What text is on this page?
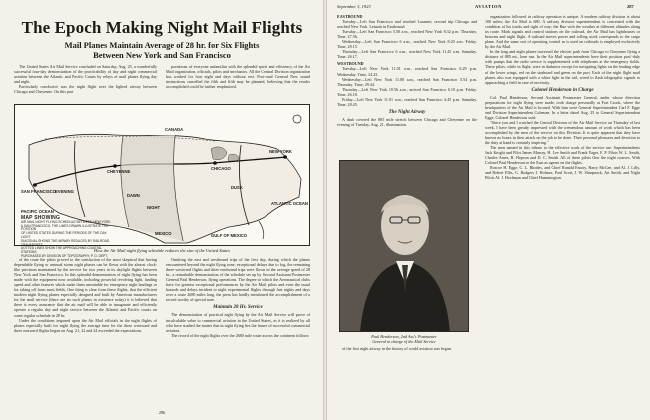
The Epoch Making Night Mail Flights
Mail Planes Maintain Average of 28 hr. for Six Flights
Between New York and San Francisco

The United States Air Mail Service concluded on Saturday, Aug. 25, a wonderfully successful four-day demonstration of the practicability of day and night commercial aviation between the Atlantic and Pacific Coasts by relays of mail planes flying day and night.

Particularly conclusive was the night flight over the lighted airway between Chicago and Cheyenne. On this part

portations of everyone unfamiliar with the splendid spirit and efficiency of the Air Mail organization, officials, pilots and mechanics. All the Central Division organization has worked for four night and days without rest. Post-onal General New sound instructions cancelled the fifth and fifth may be planned, believing that the results accomplished could be further emphasized.

CANADA
NEW YORK
CHICAGO
CHEYENNE
SAN FRANCISCO EVENING
DAWN
NIGHT
DUSK
MEXICO	GULF OF MEXICO
ATLANTIC OCEAN
PACIFIC OCEAN
MAP SHOWING
AIR MAIL NIGHT FLYING SCHEDULE BETWEEN NEW YORK
& SAN FRANCISCO. THE LINES DRAWN ILLUSTRATE THE POSITION
OF UNITED STATES DURING THE PERIODS OF THE DAY-LIGHT
DIAGONAL SHOWS THE AIRWAY REDUCED BY RAILROAD TRANSPORTS
DOTTED LINES SHOW THE APPROACHING COASTAL STATIONS
PURCHASED BY DIVISION OF TOPOGRAPHY, P. O. DEPT.
How the Air Mail night flying schedule reduces the size of the United States

of the route the pilots proved to the satisfaction of the most skeptical that having dependable flying or unusual storm night phases can be flown with the almost clock-like precision maintained by the service for two years in its daylight flights between New York and San Francisco. In this splendid demonstration of night flying has been made with the equipment now available, including powerful revolving light, landing speed and other features which make them unsuitable for emergency night landings or for taking off from most fields. One thing is clear from these flights, that the efficient modern night flying planes especially designed and built by American manufacturers for the mail service (there are no such planes in existence today) it is believed that there is every assurance that the air mail will be able to inaugurate and efficiently operate a regular day and night service between the Atlantic and Pacific coasts on some regular schedule in 28 hr.

Under the conditions imposed upon the Air Mail officials in the night flights of planes especially built for night flying the average time for the three westward and three eastward flights began on Aug. 21, 22 and 24 exceeded the expectations.

Omitting the east and westbound trips of the first day, during which the planes encountered beyond the night flying zone, exceptional delays due to fog, the remaining three westward flights and three eastbound trips were flown in the average speed of 28 hr., a remarkable demonstration of the schedule set up by Second Assistant Postmaster General Paul Henderson, flying operations. The degree to which the Aeronautical clubs have for greatest exceptional performances by the Air Mail pilots and even the usual hazards and delays incident to night experimental flights through fast nights and days over a route 2680 miles long, the press has hardly mentioned the accomplishment of a record worthy of special note.

Maintain 28 Hr. Service

The demonstration of practical night flying by the Air Mail Service will prove of incalculable value to commercial aviation in the United States, as it is realized by all who have studied the matter that in night flying lies the future of successful commercial aviation.

The record of the night flights over the 2680 mile route across the continent follows:

286
September 3, 1923	AVIATION	287
EASTBOUND

Tuesday—Left San Francisco and reached Laramie; second trip Chicago and reached New York. Lemain in Eastbound.

Tuesday—Left San Francisco 5.50 a.m., reached New York 8.32 p.m. Thursday. Time, 27.56.

Wednesday—Left San Francisco 6 a.m., reached New York 8.20 a.m. Friday. Time, 28.15.

Thursday—Left San Francisco 6 a.m., reached New York 11.45 a.m. Saturday. Time, 26.17.

WESTBOUND

Tuesday—Left New York 11.01 a.m., reached San Francisco 6.29 p.m. Wednesday. Time, 34.23.

Wednesday—Left New York 11.00 a.m., reached San Francisco 5.54 p.m. Thursday. Time, 29.44.

Thursday—Left New York 10.56 a.m., arrived San Francisco 6.10 p.m. Friday. Time, 26.18.

Friday—Left New York 11.01 a.m., reached San Francisco 4.45 p.m. Saturday. Time, 28.45.

The Night Airway

A dash covered the 885 mile stretch between Chicago and Cheyenne on the evening of Tuesday, Aug. 21, illumination.

Paul Henderson, 2nd Ass't. Postmaster
General in charge of the Mail Service

of the first night airway in the history of world aviation was begun.

organization followed in railway operation is unique. A modern railway division is about 100 miles; the Air Mail is 680. A railway division superintendent is concerned with the condition of his tracks and right of way; the Rue with the weather at different altitudes along its route. Mark signals and control stations on the railroad, the Air Mail has lighthouses or beacons and night flight. A railroad moves power and rolling stock corresponds to the cargo plane. And the same sort of operating control as is used on railroads is employed exclusively by the Air Mail.

In the long and night planes traversed the electric path from Chicago to Cheyenne flying a distance of 885 mi., lone run. In the Air Mail superintendents have their position post'-duly with pumps that the radio service is supplemented with telephones at the emergency fields. These pilots, while in flight, were in darkness except for navigating lights on the leading edge of the lower wings, red on the starboard and green on the port. Each of the night flight mail planes also was equipped with a white light in the tail, wired to flash telegraphic signals to approaching a field in case of necessity.

Colonel Henderson in Charge

Col. Paul Henderson, Second Assistant Postmaster General, under whose direction preparations for night flying were made, took charge personally at Fort Crook, where the headquarters of the Air Mail is located. With him were General Superintendent Carl F. Egge and Division Superintendent Coleman. In a letter dated Aug. 25 to General Superintendent Egge, Colonel Henderson said:

"Since you and I watched the Central Division of the Air Mail Service on Thursday of last week, I have been greatly impressed with the tremendous amount of work which has been accomplished by the men of the service on this Division. It is quite apparent that they have known no hours in their attack on the job to be done. Their personal pleasures and devotion to the duty at hand is certainly inspiring."

The men named in this tribute to the effective work of the service are: Superintendents Jack Knight and Pilot James Murray, H. Lee Smith and Frank Yager, F. P. Pilots W. L. Smith, Charles Ames, R. Hopson and D. C. Smith. All of these pilots flew the night courses. With Colonel Paul Henderson to the East as agents on the flights.

Roscoe H. Egge, C. L. Rhodes, and Chief Ronald Emory, Harry McGee, and Al. J. Lilly, and Robert Ellis, G. Rodgers J. Holmes, Paul Scott, J. W. Sharpnack, Art Smith, and Night Pilots Al. J. Hochman and Chief Hummington.
